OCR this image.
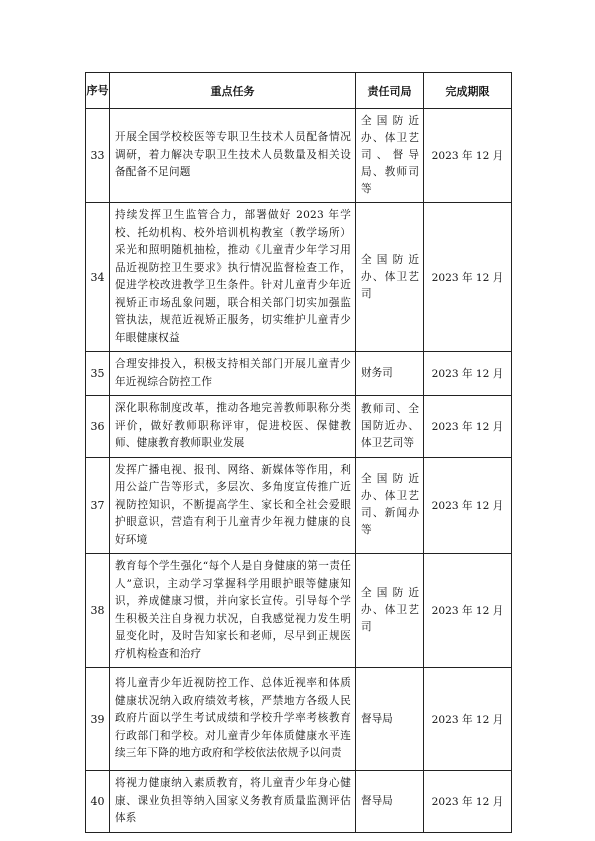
序号	重点任务	责任司局	完成期限
33	开展全国学校校医等专职卫生技术人员配备情况调研，着力解决专职卫生技术人员数量及相关设备配备不足问题	全国防近办、体卫艺司、督导局、教师司等	2023 年 12 月
34	持续发挥卫生监管合力，部署做好 2023 年学校、托幼机构、校外培训机构教室（教学场所）采光和照明随机抽检，推动《儿童青少年学习用品近视防控卫生要求》执行情况监督检查工作，促进学校改进教学卫生条件。针对儿童青少年近视矫正市场乱象问题，联合相关部门切实加强监管执法，规范近视矫正服务，切实维护儿童青少年眼健康权益	全国防近办、体卫艺司	2023 年 12 月
35	合理安排投入，积极支持相关部门开展儿童青少年近视综合防控工作	财务司	2023 年 12 月
36	深化职称制度改革，推动各地完善教师职称分类评价，做好教师职称评审，促进校医、保健教师、健康教育教师职业发展	教师司、全国防近办、体卫艺司等	2023 年 12 月
37	发挥广播电视、报刊、网络、新媒体等作用，利用公益广告等形式，多层次、多角度宣传推广近视防控知识，不断提高学生、家长和全社会爱眼护眼意识，营造有利于儿童青少年视力健康的良好环境	全国防近办、体卫艺司、新闻办等	2023 年 12 月
38	教育每个学生强化“每个人是自身健康的第一责任人”意识，主动学习掌握科学用眼护眼等健康知识，养成健康习惯，并向家长宣传。引导每个学生积极关注自身视力状况，自我感觉视力发生明显变化时，及时告知家长和老师，尽早到正规医疗机构检查和治疗	全国防近办、体卫艺司	2023 年 12 月
39	将儿童青少年近视防控工作、总体近视率和体质健康状况纳入政府绩效考核，严禁地方各级人民政府片面以学生考试成绩和学校升学率考核教育行政部门和学校。对儿童青少年体质健康水平连续三年下降的地方政府和学校依法依规予以问责	督导局	2023 年 12 月
40	将视力健康纳入素质教育，将儿童青少年身心健康、课业负担等纳入国家义务教育质量监测评估体系	督导局	2023 年 12 月
